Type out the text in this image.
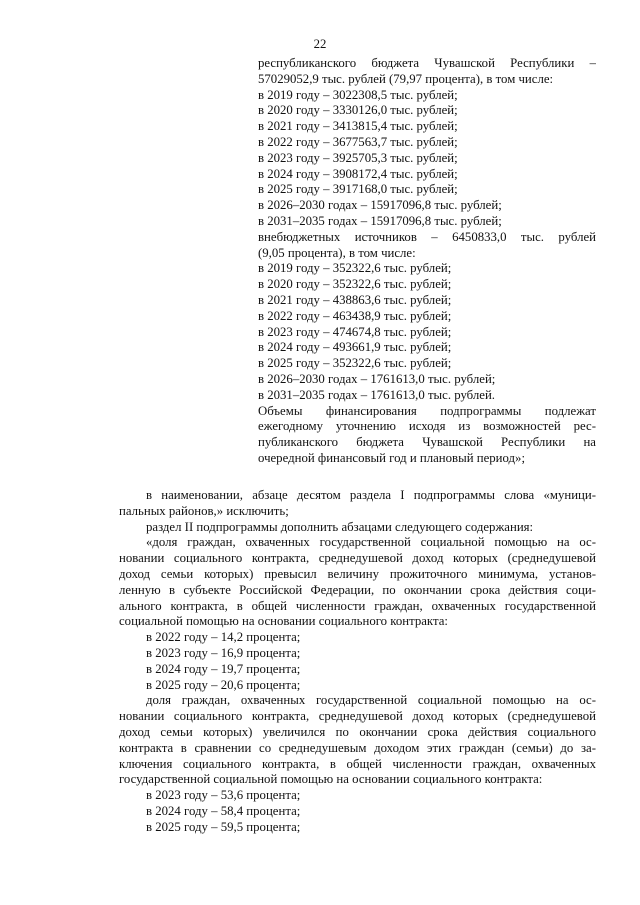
22
республиканского бюджета Чувашской Республики –
57029052,9 тыс. рублей (79,97 процента), в том числе:
в 2019 году – 3022308,5 тыс. рублей;
в 2020 году – 3330126,0 тыс. рублей;
в 2021 году – 3413815,4 тыс. рублей;
в 2022 году – 3677563,7 тыс. рублей;
в 2023 году – 3925705,3 тыс. рублей;
в 2024 году – 3908172,4 тыс. рублей;
в 2025 году – 3917168,0 тыс. рублей;
в 2026–2030 годах – 15917096,8 тыс. рублей;
в 2031–2035 годах – 15917096,8 тыс. рублей;
внебюджетных источников – 6450833,0 тыс. рублей
(9,05 процента), в том числе:
в 2019 году – 352322,6 тыс. рублей;
в 2020 году – 352322,6 тыс. рублей;
в 2021 году – 438863,6 тыс. рублей;
в 2022 году – 463438,9 тыс. рублей;
в 2023 году – 474674,8 тыс. рублей;
в 2024 году – 493661,9 тыс. рублей;
в 2025 году – 352322,6 тыс. рублей;
в 2026–2030 годах – 1761613,0 тыс. рублей;
в 2031–2035 годах – 1761613,0 тыс. рублей.
Объемы финансирования подпрограммы подлежат
ежегодному уточнению исходя из возможностей рес-
публиканского бюджета Чувашской Республики на
очередной финансовый год и плановый период»;
в наименовании, абзаце десятом раздела I подпрограммы слова «муници-
пальных районов,» исключить;
раздел II подпрограммы дополнить абзацами следующего содержания:
«доля граждан, охваченных государственной социальной помощью на ос-
новании социального контракта, среднедушевой доход которых (среднедушевой
доход семьи которых) превысил величину прожиточного минимума, установ-
ленную в субъекте Российской Федерации, по окончании срока действия соци-
ального контракта, в общей численности граждан, охваченных государственной
социальной помощью на основании социального контракта:
в 2022 году – 14,2 процента;
в 2023 году – 16,9 процента;
в 2024 году – 19,7 процента;
в 2025 году – 20,6 процента;
доля граждан, охваченных государственной социальной помощью на ос-
новании социального контракта, среднедушевой доход которых (среднедушевой
доход семьи которых) увеличился по окончании срока действия социального
контракта в сравнении со среднедушевым доходом этих граждан (семьи) до за-
ключения социального контракта, в общей численности граждан, охваченных
государственной социальной помощью на основании социального контракта:
в 2023 году – 53,6 процента;
в 2024 году – 58,4 процента;
в 2025 году – 59,5 процента;
